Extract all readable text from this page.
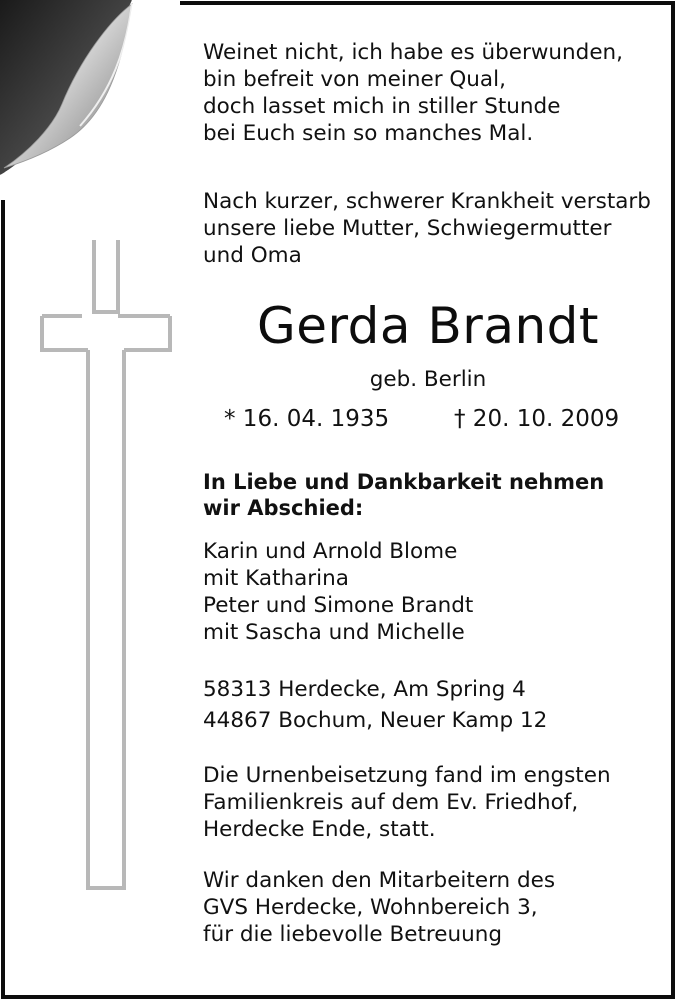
Weinet nicht, ich habe es überwunden,
bin befreit von meiner Qual,
doch lasset mich in stiller Stunde
bei Euch sein so manches Mal.
Nach kurzer, schwerer Krankheit verstarb
unsere liebe Mutter, Schwiegermutter
und Oma
Gerda Brandt
geb. Berlin
* 16. 04. 1935	† 20. 10. 2009
In Liebe und Dankbarkeit nehmen
wir Abschied:
Karin und Arnold Blome
mit Katharina
Peter und Simone Brandt
mit Sascha und Michelle
58313 Herdecke, Am Spring 4
44867 Bochum, Neuer Kamp 12
Die Urnenbeisetzung fand im engsten
Familienkreis auf dem Ev. Friedhof,
Herdecke Ende, statt.
Wir danken den Mitarbeitern des
GVS Herdecke, Wohnbereich 3,
für die liebevolle Betreuung
